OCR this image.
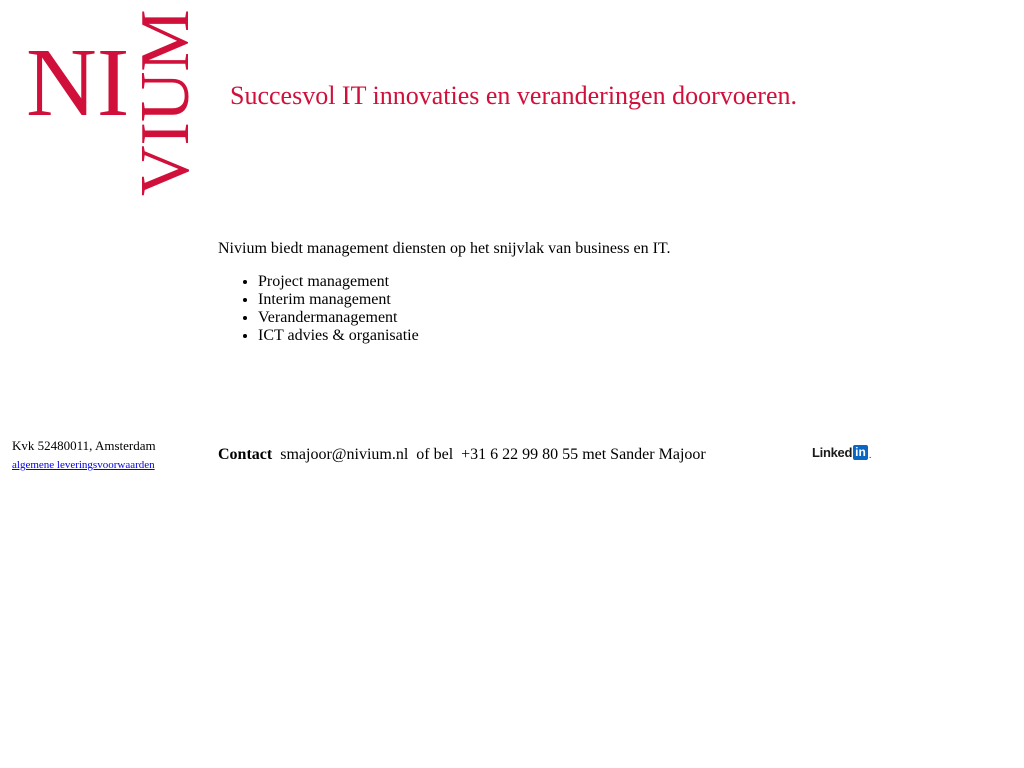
NI
VIUM Succesvol IT innovaties en veranderingen doorvoeren.
Nivium biedt management diensten op het snijvlak van business en IT.
• Project management
• Interim management
• Verandermanagement
• ICT advies & organisatie
Kvk 52480011, Amsterdam
algemene leveringsvoorwaarden
Contact smajoor@nivium.nl of bel +31 6 22 99 80 55 met Sander Majoor	Linked in .
